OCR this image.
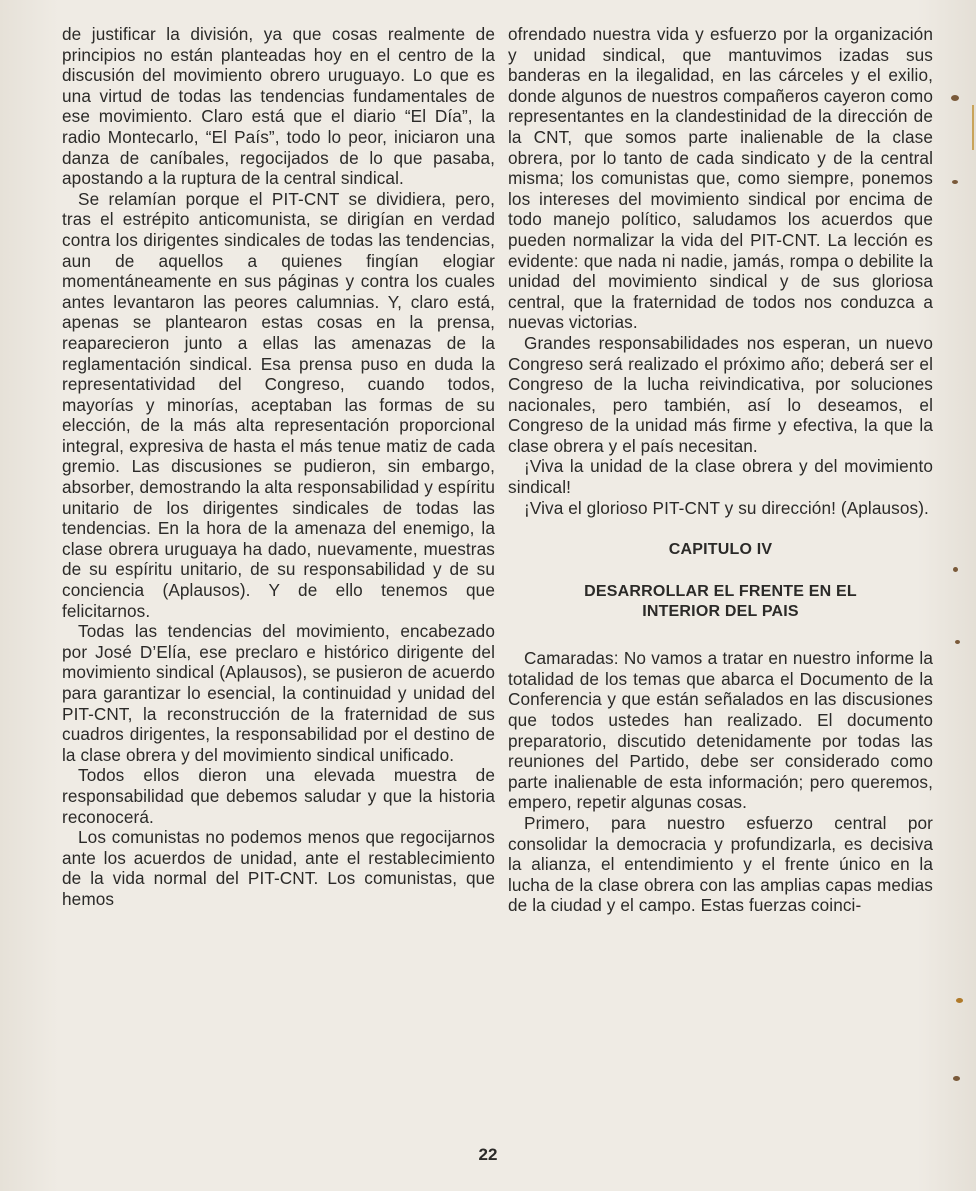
de justificar la división, ya que cosas realmente de principios no están planteadas hoy en el centro de la discusión del movimiento obrero uruguayo. Lo que es una virtud de todas las tendencias fundamentales de ese movimiento. Claro está que el diario “El Día”, la radio Montecarlo, “El País”, todo lo peor, iniciaron una danza de caníbales, regocijados de lo que pasaba, apostando a la ruptura de la central sindical.

Se relamían porque el PIT-CNT se dividiera, pero, tras el estrépito anticomunista, se dirigían en verdad contra los dirigentes sindicales de todas las tendencias, aun de aquellos a quienes fingían elogiar momentáneamente en sus páginas y contra los cuales antes levantaron las peores calumnias. Y, claro está, apenas se plantearon estas cosas en la prensa, reaparecieron junto a ellas las amenazas de la reglamentación sindical. Esa prensa puso en duda la representatividad del Congreso, cuando todos, mayorías y minorías, aceptaban las formas de su elección, de la más alta representación proporcional integral, expresiva de hasta el más tenue matiz de cada gremio. Las discusiones se pudieron, sin embargo, absorber, demostrando la alta responsabilidad y espíritu unitario de los dirigentes sindicales de todas las tendencias. En la hora de la amenaza del enemigo, la clase obrera uruguaya ha dado, nuevamente, muestras de su espíritu unitario, de su responsabilidad y de su conciencia (Aplausos). Y de ello tenemos que felicitarnos.

Todas las tendencias del movimiento, encabezado por José D’Elía, ese preclaro e histórico dirigente del movimiento sindical (Aplausos), se pusieron de acuerdo para garantizar lo esencial, la continuidad y unidad del PIT-CNT, la reconstrucción de la fraternidad de sus cuadros dirigentes, la responsabilidad por el destino de la clase obrera y del movimiento sindical unificado.

Todos ellos dieron una elevada muestra de responsabilidad que debemos saludar y que la historia reconocerá.

Los comunistas no podemos menos que regocijarnos ante los acuerdos de unidad, ante el restablecimiento de la vida normal del PIT-CNT. Los comunistas, que hemos

ofrendado nuestra vida y esfuerzo por la organización y unidad sindical, que mantuvimos izadas sus banderas en la ilegalidad, en las cárceles y el exilio, donde algunos de nuestros compañeros cayeron como representantes en la clandestinidad de la dirección de la CNT, que somos parte inalienable de la clase obrera, por lo tanto de cada sindicato y de la central misma; los comunistas que, como siempre, ponemos los intereses del movimiento sindical por encima de todo manejo político, saludamos los acuerdos que pueden normalizar la vida del PIT-CNT. La lección es evidente: que nada ni nadie, jamás, rompa o debilite la unidad del movimiento sindical y de sus gloriosa central, que la fraternidad de todos nos conduzca a nuevas victorias.

Grandes responsabilidades nos esperan, un nuevo Congreso será realizado el próximo año; deberá ser el Congreso de la lucha reivindicativa, por soluciones nacionales, pero también, así lo deseamos, el Congreso de la unidad más firme y efectiva, la que la clase obrera y el país necesitan.

¡Viva la unidad de la clase obrera y del movimiento sindical!

¡Viva el glorioso PIT-CNT y su dirección! (Aplausos).

CAPITULO IV
DESARROLLAR EL FRENTE EN EL INTERIOR DEL PAIS

Camaradas: No vamos a tratar en nuestro informe la totalidad de los temas que abarca el Documento de la Conferencia y que están señalados en las discusiones que todos ustedes han realizado. El documento preparatorio, discutido detenidamente por todas las reuniones del Partido, debe ser considerado como parte inalienable de esta información; pero queremos, empero, repetir algunas cosas.

Primero, para nuestro esfuerzo central por consolidar la democracia y profundizarla, es decisiva la alianza, el entendimiento y el frente único en la lucha de la clase obrera con las amplias capas medias de la ciudad y el campo. Estas fuerzas coinci-

22
